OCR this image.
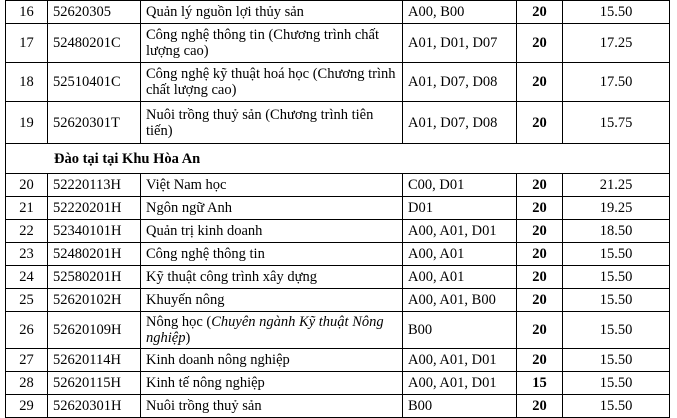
16	52620305	Quản lý nguồn lợi thủy sản	A00, B00	20	15.50
17	52480201C	Công nghệ thông tin (Chương trình chất lượng cao)	A01, D01, D07	20	17.25
18	52510401C	Công nghệ kỹ thuật hoá học (Chương trình chất lượng cao)	A01, D07, D08	20	17.50
19	52620301T	Nuôi trồng thuỷ sản (Chương trình tiên tiến)	A01, D07, D08	20	15.75
Đào tại tại Khu Hòa An					
20	52220113H	Việt Nam học	C00, D01	20	21.25
21	52220201H	Ngôn ngữ Anh	D01	20	19.25
22	52340101H	Quản trị kinh doanh	A00, A01, D01	20	18.50
23	52480201H	Công nghệ thông tin	A00, A01	20	15.50
24	52580201H	Kỹ thuật công trình xây dựng	A00, A01	20	15.50
25	52620102H	Khuyến nông	A00, A01, B00	20	15.50
26	52620109H	Nông học (Chuyên ngành Kỹ thuật Nông nghiệp)	B00	20	15.50
27	52620114H	Kinh doanh nông nghiệp	A00, A01, D01	20	15.50
28	52620115H	Kinh tế nông nghiệp	A00, A01, D01	15	15.50
29	52620301H	Nuôi trồng thuỷ sản	B00	20	15.50
